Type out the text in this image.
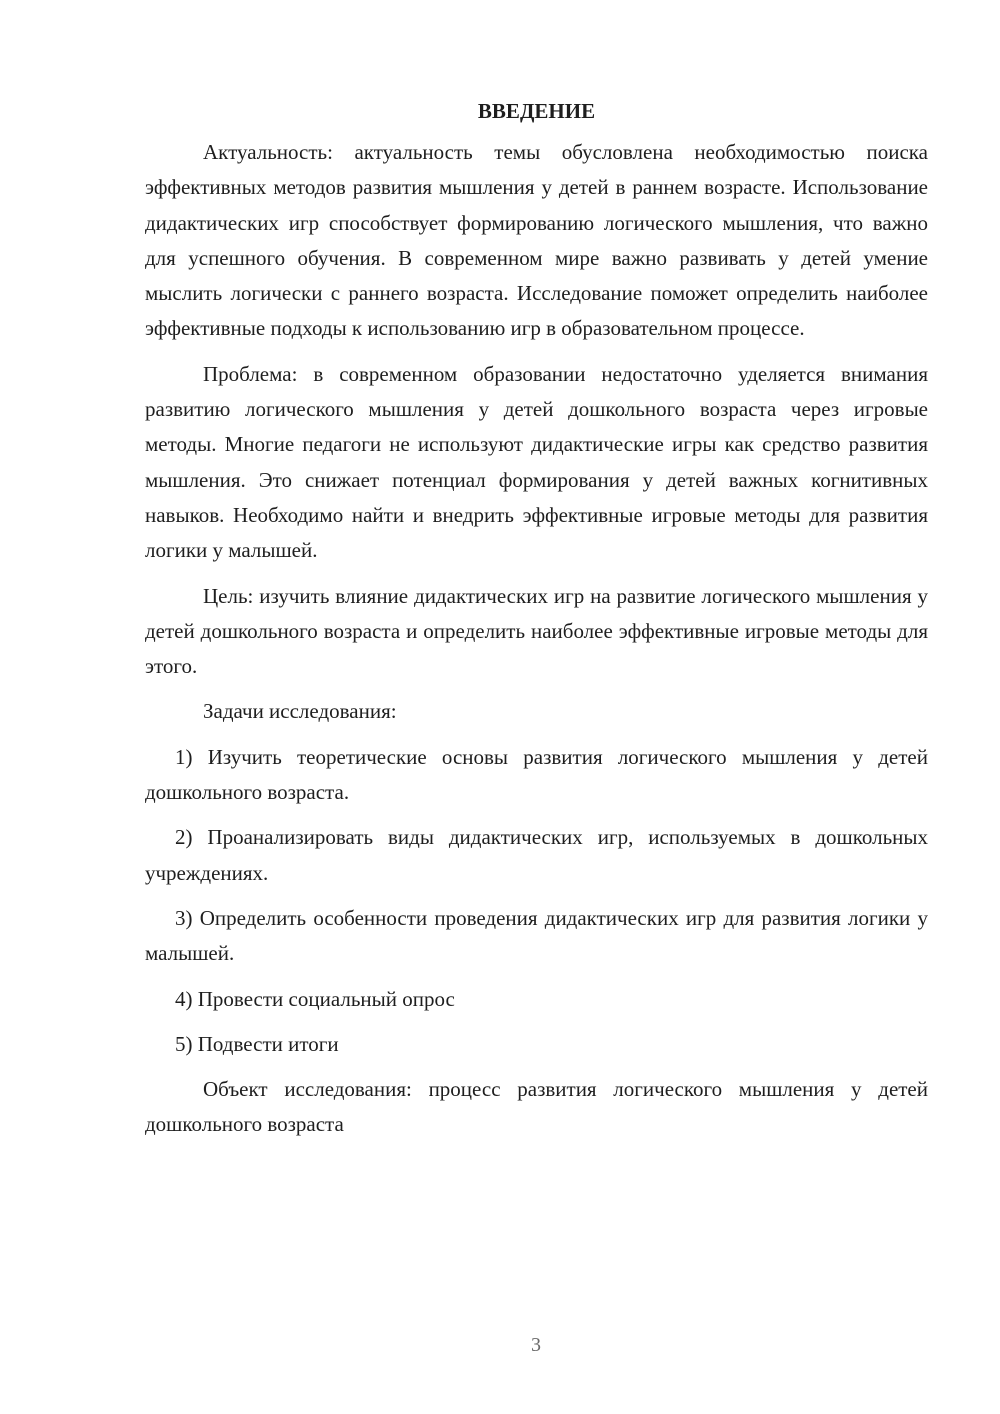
ВВЕДЕНИЕ

Актуальность: актуальность темы обусловлена необходимостью поиска эффективных методов развития мышления у детей в раннем возрасте. Использование дидактических игр способствует формированию логического мышления, что важно для успешного обучения. В современном мире важно развивать у детей умение мыслить логически с раннего возраста. Исследование поможет определить наиболее эффективные подходы к использованию игр в образовательном процессе.

Проблема: в современном образовании недостаточно уделяется внимания развитию логического мышления у детей дошкольного возраста через игровые методы. Многие педагоги не используют дидактические игры как средство развития мышления. Это снижает потенциал формирования у детей важных когнитивных навыков. Необходимо найти и внедрить эффективные игровые методы для развития логики у малышей.

Цель: изучить влияние дидактических игр на развитие логического мышления у детей дошкольного возраста и определить наиболее эффективные игровые методы для этого.

Задачи исследования:

1) Изучить теоретические основы развития логического мышления у детей дошкольного возраста.

2) Проанализировать виды дидактических игр, используемых в дошкольных учреждениях.

3) Определить особенности проведения дидактических игр для развития логики у малышей.

4) Провести социальный опрос

5) Подвести итоги

Объект исследования: процесс развития логического мышления у детей дошкольного возраста

3
